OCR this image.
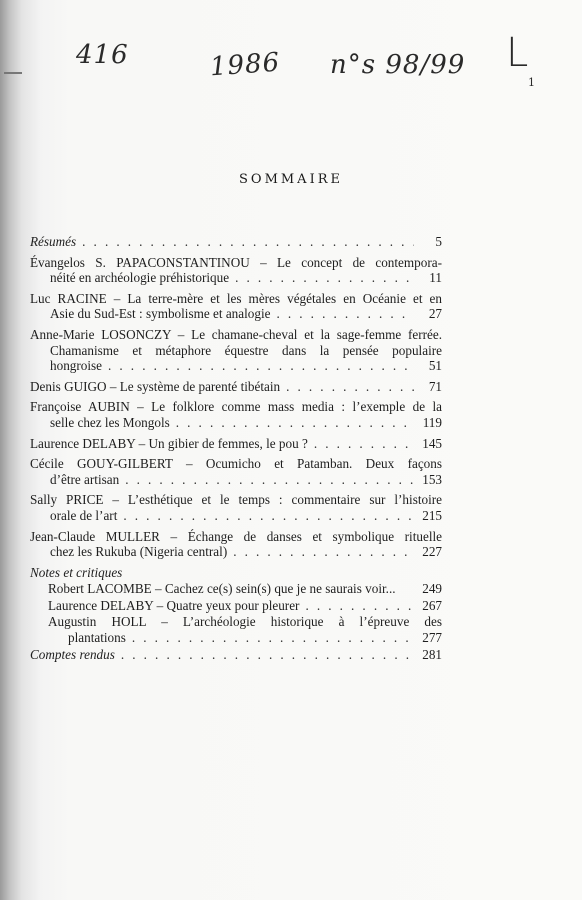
416	1986 n°s 98/99 L
1
SOMMAIRE
Résumés . . .	5
Évangelos S. PAPACONSTANTINOU – Le concept de contempora-
néité en archéologie préhistorique . . .	11
Luc RACINE – La terre-mère et les mères végétales en Océanie et en
Asie du Sud-Est : symbolisme et analogie . . .	27
Anne-Marie LOSONCZY – Le chamane-cheval et la sage-femme ferrée.
Chamanisme et métaphore équestre dans la pensée populaire
hongroise . . .	51
Denis GUIGO – Le système de parenté tibétain . . .	71
Françoise AUBIN – Le folklore comme mass media : l’exemple de la
selle chez les Mongols . . .	119
Laurence DELABY – Un gibier de femmes, le pou ? . . .	145
Cécile GOUY-GILBERT – Ocumicho et Patamban. Deux façons
d’être artisan . . .	153
Sally PRICE – L’esthétique et le temps : commentaire sur l’histoire
orale de l’art . . .	215
Jean-Claude MULLER – Échange de danses et symbolique rituelle
chez les Rukuba (Nigeria central) . . .	227
Notes et critiques
Robert LACOMBE – Cachez ce(s) sein(s) que je ne saurais voir... 249
Laurence DELABY – Quatre yeux pour pleurer . . .	267
Augustin HOLL – L’archéologie historique à l’épreuve des
plantations . . .	277
Comptes rendus . . .	281
